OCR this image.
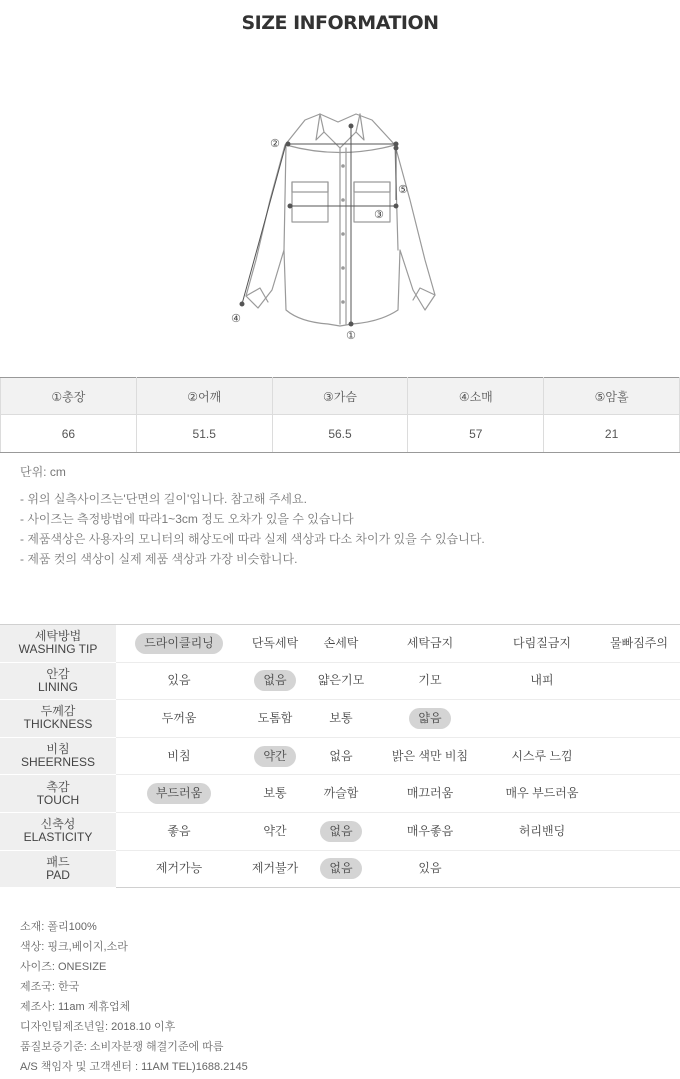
SIZE INFORMATION
②
①
③
④
⑤
①총장	②어깨	③가슴	④소매	⑤암홀
66	51.5	56.5	57	21
단위: cm
- 위의 실측사이즈는'단면의 길이'입니다. 참고해 주세요.
- 사이즈는 측정방법에 따라1~3cm 정도 오차가 있을 수 있습니다
- 제품색상은 사용자의 모니터의 해상도에 따라 실제 색상과 다소 차이가 있을 수 있습니다.
- 제품 컷의 색상이 실제 제품 색상과 가장 비슷합니다.
세탁방법
WASHING TIP	드라이클리닝	단독세탁	손세탁	세탁금지	다림질금지	물빠짐주의

안감
LINING	있음	없음	얇은기모	기모	내피	

두께감
THICKNESS	두꺼움	도톰함	보통	얇음		

비침
SHEERNESS	비침	약간	없음	밝은 색만 비침	시스루 느낌	

촉감
TOUCH	부드러움	보통	까슬함	매끄러움	매우 부드러움	

신축성
ELASTICITY	좋음	약간	없음	매우좋음	허리밴딩	

패드
PAD	제거가능	제거불가	없음	있음		
소재: 폴리100%
색상: 핑크,베이지,소라
사이즈: ONESIZE
제조국: 한국
제조사: 11am 제휴업체
디자인팀제조년일: 2018.10 이후
품질보증기준: 소비자분쟁 해결기준에 따름
A/S 책임자 및 고객센터 : 11AM TEL)1688.2145
